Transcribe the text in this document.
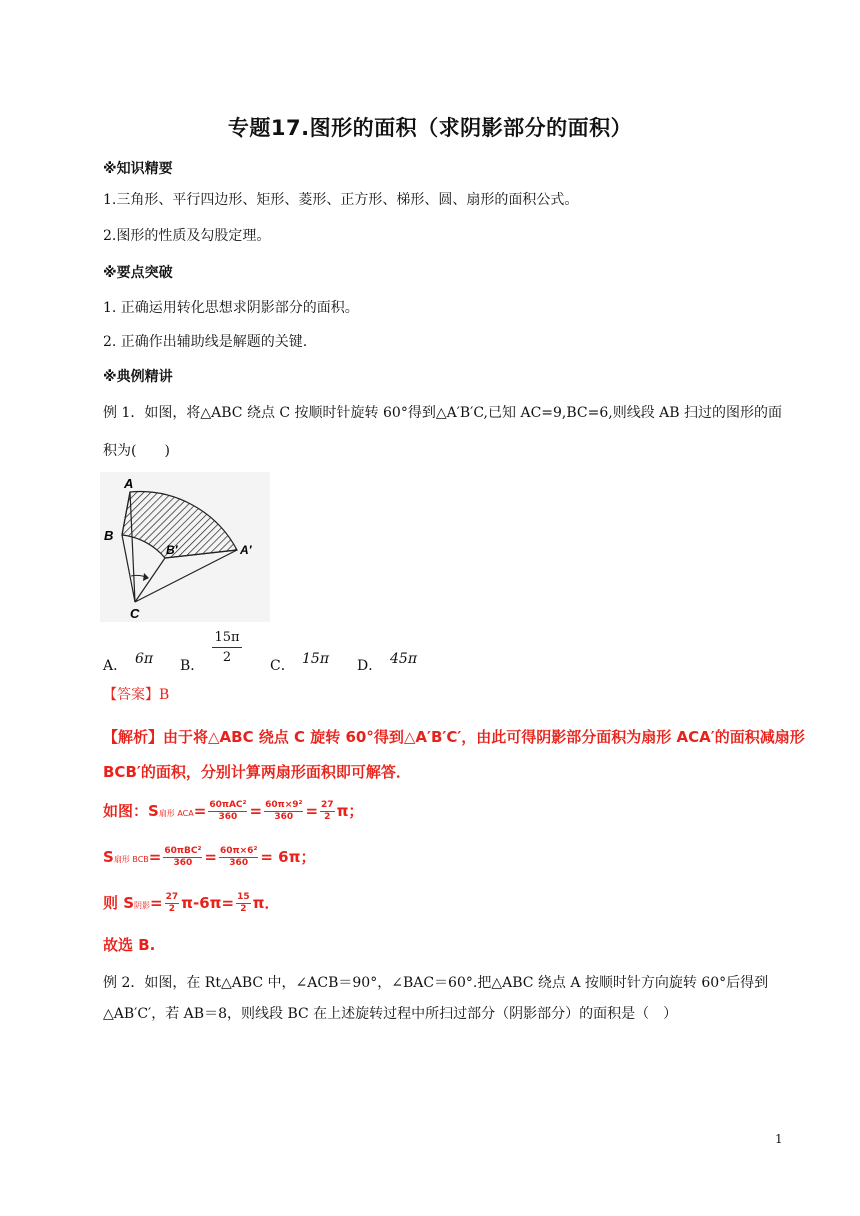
专题17.图形的面积（求阴影部分的面积）
※知识精要
1.三角形、平行四边形、矩形、菱形、正方形、梯形、圆、扇形的面积公式。
2.图形的性质及勾股定理。
※要点突破
1. 正确运用转化思想求阴影部分的面积。
2. 正确作出辅助线是解题的关键.
※典例精讲
例 1．如图，将△ABC 绕点 C 按顺时针旋转 60°得到△A′B′C,已知 AC=9,BC=6,则线段 AB 扫过的图形的面
积为(　　)
A
B
B′	A′
C
A． 6π B．
$\frac{15\pi}{2}$
C． 15π D． 45π
【答案】B
【解析】由于将△ABC 绕点 C 旋转 60°得到△A′B′C′，由此可得阴影部分面积为扇形 ACA′的面积减扇形
BCB′的面积，分别计算两扇形面积即可解答．
如图：S扇形 ACA= 60πAC²
$360 = \frac{\text{60π×9²}}{360} = \frac{27}{2}$ π；
S扇形 BCB= 60πBC²
$360 = \frac{\text{60π×6²}}{360} = 6\pi$；
则 S阴影= $\frac{27}{2} \pi-6\pi= \frac{15}{2}$ π．
故选 B.
例 2．如图，在 Rt△ABC 中，∠ACB＝90°，∠BAC＝60°.把△ABC 绕点 A 按顺时针方向旋转 60°后得到
△AB′C′，若 AB＝8，则线段 BC 在上述旋转过程中所扫过部分（阴影部分）的面积是（　）
1
